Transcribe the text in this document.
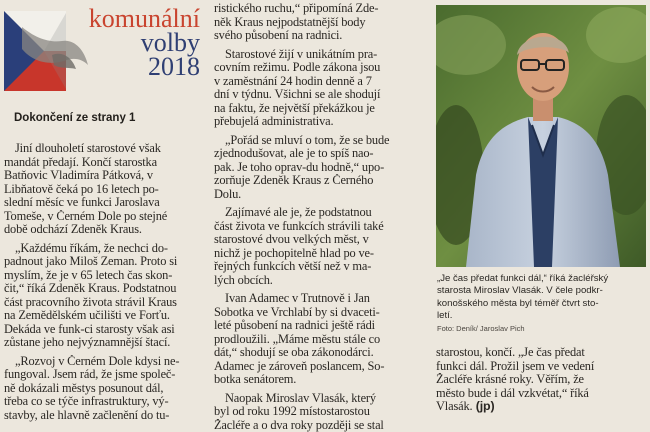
komunální
volby
2018

Dokončení ze strany 1

Jiní dlouholetí starostové však
mandát předají. Končí starostka
Batňovic Vladimíra Pátková, v
Libňatově čeká po 16 letech po-
slední měsíc ve funkci Jaroslava
Tomeše, v Černém Dole po stejné
době odchází Zdeněk Kraus.
„Každému říkám, že nechci do-
padnout jako Miloš Zeman. Proto si
myslím, že je v 65 letech čas skon-
čit,“ říká Zdeněk Kraus. Podstatnou
část pracovního života strávil Kraus
na Zemědělském učilišti ve Forťu.
Dekáda ve funk-ci starosty však asi
zůstane jeho nejvýznamnější štací.
„Rozvoj v Černém Dole kdysi ne-
fungoval. Jsem rád, že jsme společ-
ně dokázali městys posunout dál,
třeba co se týče infrastruktury, vý-
stavby, ale hlavně začlenění do tu-
ristického ruchu,“ připomíná Zde-
něk Kraus nejpodstatnější body
svého působení na radnici.
Starostové žijí v unikátním pra-
covním režimu. Podle zákona jsou
v zaměstnání 24 hodin denně a 7
dní v týdnu. Všichni se ale shodují
na faktu, že největší překážkou je
přebujelá administrativa.
„Pořád se mluví o tom, že se bude
zjednodušovat, ale je to spíš nao-
pak. Je toho oprav-du hodně,“ upo-
zorňuje Zdeněk Kraus z Černého
Dolu.
Zajímavé ale je, že podstatnou
část života ve funkcích strávili také
starostové dvou velkých měst, v
nichž je pochopitelně hlad po ve-
řejných funkcích větší než v ma-
lých obcích.
Ivan Adamec v Trutnově i Jan
Sobotka ve Vrchlabí by si dvaceti-
leté působení na radnici ještě rádi
prodloužili. „Máme městu stále co
dát,“ shodují se oba zákonodárci.
Adamec je zároveň poslancem, So-
botka senátorem.
Naopak Miroslav Vlasák, který
byl od roku 1992 místostarostou
Žacléře a o dva roky později se stal
„Je čas předat funkci dál,“ říká žacléřský
starosta Miroslav Vlasák. V čele podkr-
konošského města byl téměř čtvrt sto-
letí.
Foto: Deník/ Jaroslav Pich
starostou, končí. „Je čas předat
funkci dál. Prožil jsem ve vedení
Žacléře krásné roky. Věřím, že
město bude i dál vzkvétat,“ říká
Vlasák. (jp)
